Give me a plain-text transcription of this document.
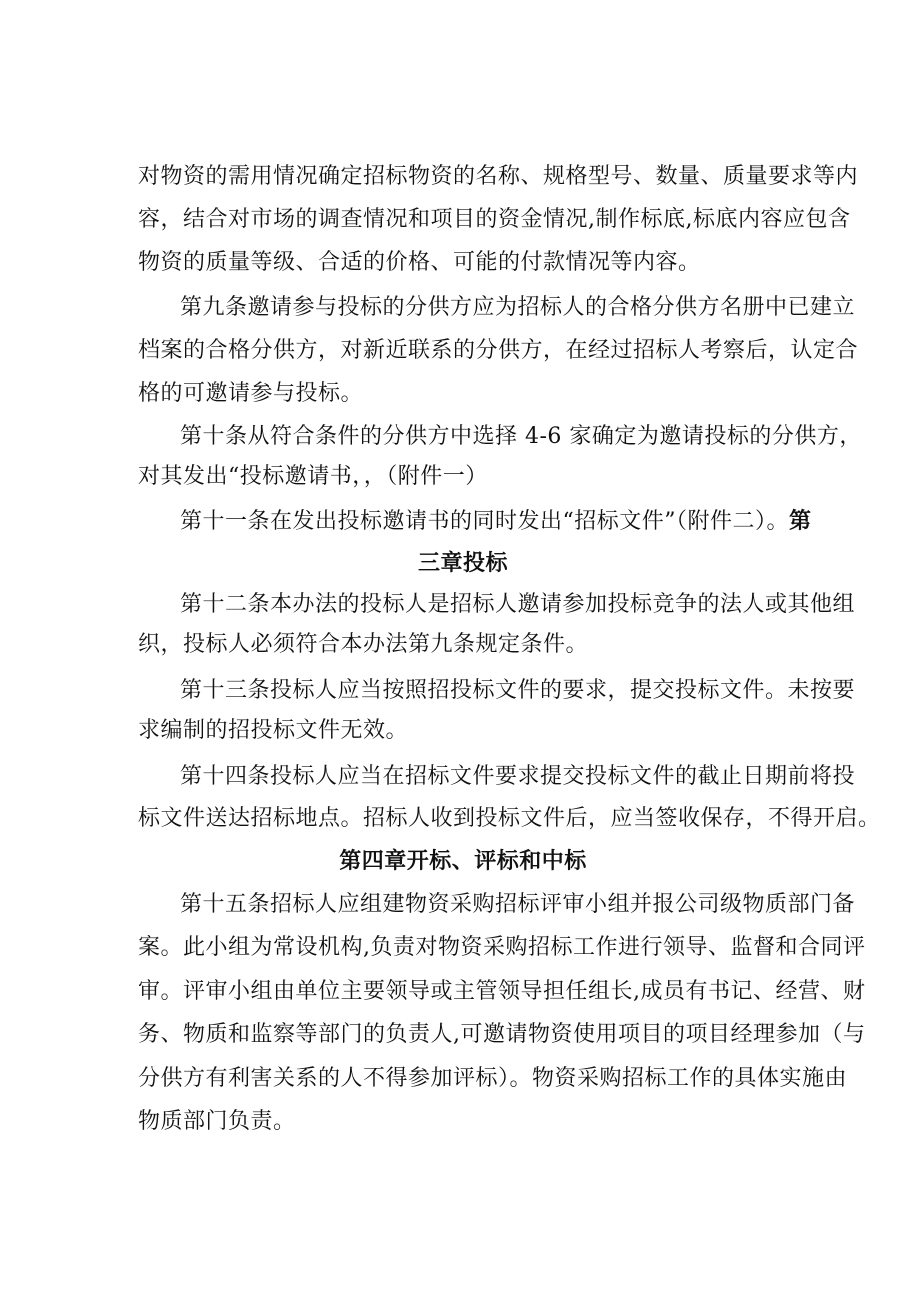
对物资的需用情况确定招标物资的名称、规格型号、数量、质量要求等内
容，结合对市场的调查情况和项目的资金情况,制作标底,标底内容应包含
物资的质量等级、合适的价格、可能的付款情况等内容。
第九条邀请参与投标的分供方应为招标人的合格分供方名册中已建立
档案的合格分供方，对新近联系的分供方，在经过招标人考察后，认定合
格的可邀请参与投标。
第十条从符合条件的分供方中选择 4-6 家确定为邀请投标的分供方，
对其发出“投标邀请书，，（附件一）
第十一条在发出投标邀请书的同时发出“招标文件”（附件二）。第
三章投标
第十二条本办法的投标人是招标人邀请参加投标竞争的法人或其他组
织，投标人必须符合本办法第九条规定条件。
第十三条投标人应当按照招投标文件的要求，提交投标文件。未按要
求编制的招投标文件无效。
第十四条投标人应当在招标文件要求提交投标文件的截止日期前将投
标文件送达招标地点。招标人收到投标文件后，应当签收保存，不得开启。
第四章开标、评标和中标
第十五条招标人应组建物资采购招标评审小组并报公司级物质部门备
案。此小组为常设机构,负责对物资采购招标工作进行领导、监督和合同评
审。评审小组由单位主要领导或主管领导担任组长,成员有书记、经营、财
务、物质和监察等部门的负责人,可邀请物资使用项目的项目经理参加（与
分供方有利害关系的人不得参加评标）。物资采购招标工作的具体实施由
物质部门负责。
